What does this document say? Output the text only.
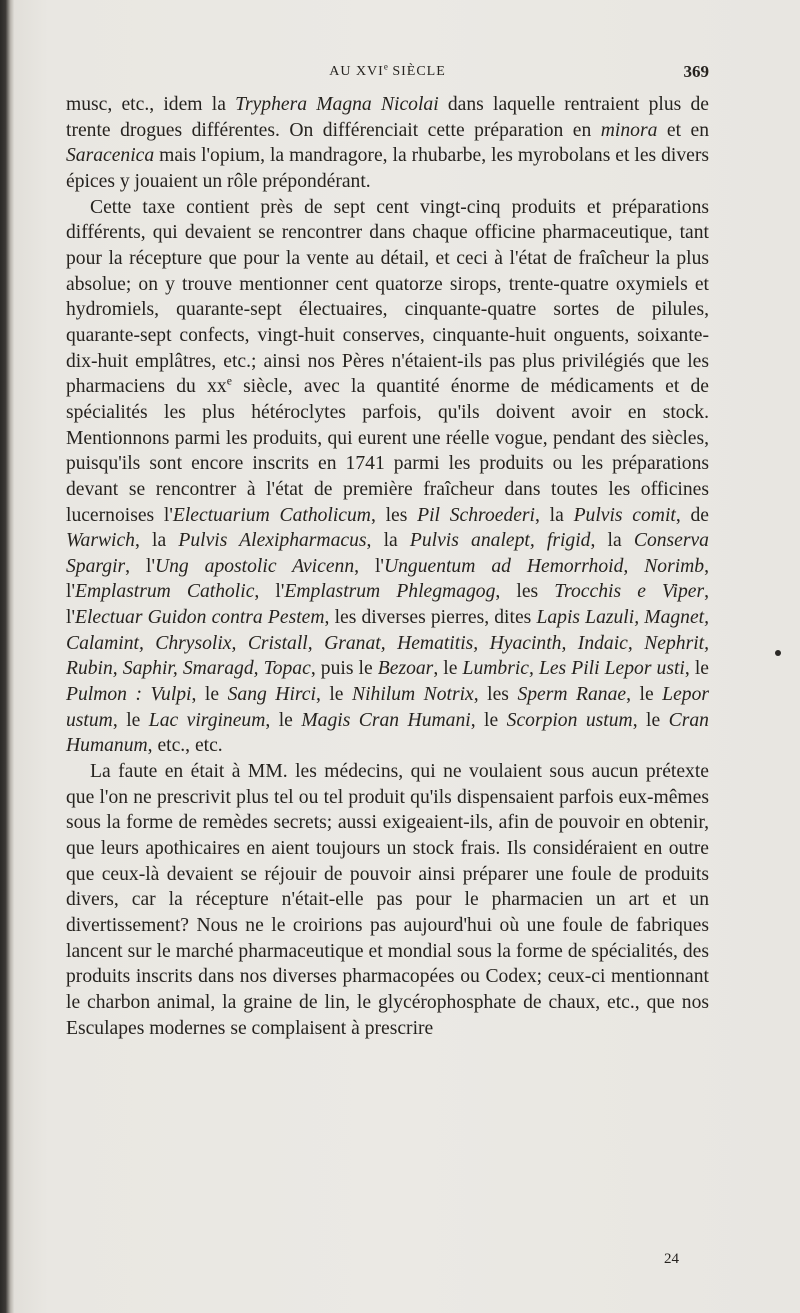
AU XVIe SIÈCLE	369

musc, etc., idem la Tryphera Magna Nicolai dans laquelle rentraient plus de trente drogues différentes. On différenciait cette préparation en minora et en Saracenica mais l'opium, la mandragore, la rhubarbe, les myrobolans et les divers épices y jouaient un rôle prépondérant.

Cette taxe contient près de sept cent vingt-cinq produits et préparations différents, qui devaient se rencontrer dans chaque officine pharmaceutique, tant pour la récepture que pour la vente au détail, et ceci à l'état de fraîcheur la plus absolue; on y trouve mentionner cent quatorze sirops, trente-quatre oxymiels et hydromiels, quarante-sept électuaires, cinquante-quatre sortes de pilules, quarante-sept confects, vingt-huit conserves, cinquante-huit onguents, soixante-dix-huit emplâtres, etc.; ainsi nos Pères n'étaient-ils pas plus privilégiés que les pharmaciens du $xx^e$ siècle, avec la quantité énorme de médicaments et de spécialités les plus hétéroclytes parfois, qu'ils doivent avoir en stock. Mentionnons parmi les produits, qui eurent une réelle vogue, pendant des siècles, puisqu'ils sont encore inscrits en 1741 parmi les produits ou les préparations devant se rencontrer à l'état de première fraîcheur dans toutes les officines lucernoises l'Electuarium Catholicum, les Pil Schroederi, la Pulvis comit, de Warwich, la Pulvis Alexipharmacus, la Pulvis analept, frigid, la Conserva Spargir, l'Ung apostolic Avicenn, l'Unguentum ad Hemorrhoid, Norimb, l'Emplastrum Catholic, l'Emplastrum Phlegmagog, les Trocchis e Viper, l'Electuar Guidon contra Pestem, les diverses pierres, dites Lapis Lazuli, Magnet, Calamint, Chrysolix, Cristall, Granat, Hematitis, Hyacinth, Indaic, Nephrit, Rubin, Saphir, Smaragd, Topac, puis le Bezoar, le Lumbric, Les Pili Lepor usti, le Pulmon : Vulpi, le Sang Hirci, le Nihilum Notrix, les Sperm Ranae, le Lepor ustum, le Lac virgineum, le Magis Cran Humani, le Scorpion ustum, le Cran Humanum, etc., etc.

La faute en était à MM. les médecins, qui ne voulaient sous aucun prétexte que l'on ne prescrivit plus tel ou tel produit qu'ils dispensaient parfois eux-mêmes sous la forme de remèdes secrets; aussi exigeaient-ils, afin de pouvoir en obtenir, que leurs apothicaires en aient toujours un stock frais. Ils considéraient en outre que ceux-là devaient se réjouir de pouvoir ainsi préparer une foule de produits divers, car la récepture n'était-elle pas pour le pharmacien un art et un divertissement? Nous ne le croirions pas aujourd'hui où une foule de fabriques lancent sur le marché pharmaceutique et mondial sous la forme de spécialités, des produits inscrits dans nos diverses pharmacopées ou Codex; ceux-ci mentionnant le charbon animal, la graine de lin, le glycérophosphate de chaux, etc., que nos Esculapes modernes se complaisent à prescrire

24
